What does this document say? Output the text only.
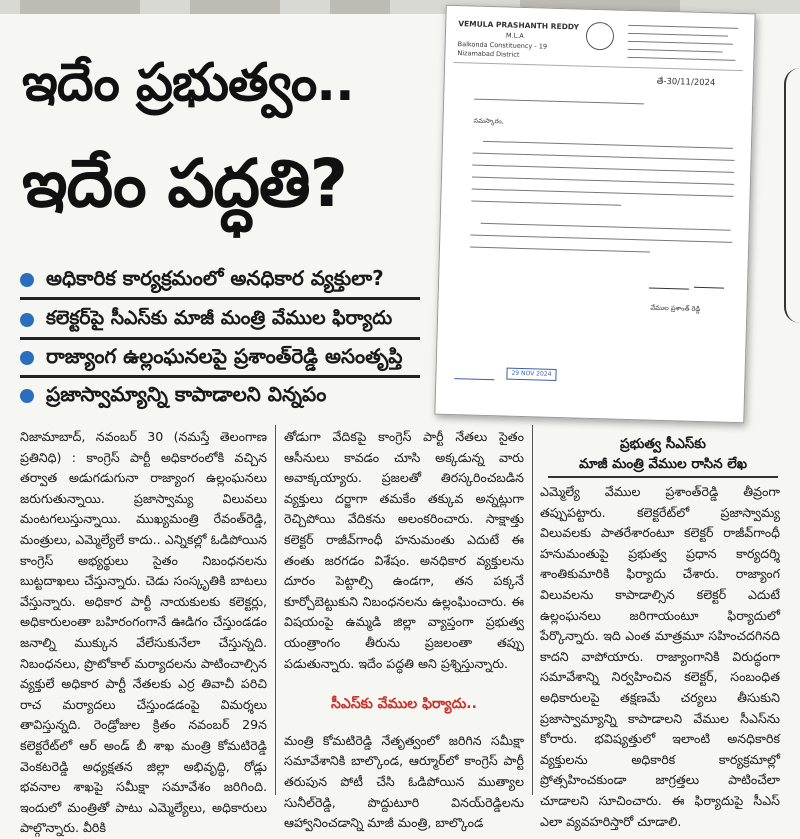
ఇదేం ప్రభుత్వం..
ఇదేం పద్ధతి?
అధికారిక కార్యక్రమంలో అనధికార వ్యక్తులా?
కలెక్టర్‌పై సీఎస్‌కు మాజీ మంత్రి వేముల ఫిర్యాదు
రాజ్యాంగ ఉల్లంఘనలపై ప్రశాంత్‌రెడ్డి అసంతృప్తి
ప్రజాస్వామ్యాన్ని కాపాడాలని విన్నపం
VEMULA PRASHANTH REDDY
M.L.A
Balkonda Constituency - 19
Nizamabad District
తే-30/11/2024
నమస్కారం,
వేముల ప్రశాంత్ రెడ్డి
29 NOV 2024
ప్రభుత్వ సీఎస్‌కు
మాజీ మంత్రి వేముల రాసిన లేఖ

నిజామాబాద్, నవంబర్ 30 (నమస్తే తెలంగాణ ప్రతినిధి) : కాంగ్రెస్ పార్టీ అధికారంలోకి వచ్చిన తర్వాత అడుగడుగునా రాజ్యాంగ ఉల్లంఘనలు జరుగుతున్నాయి. ప్రజాస్వామ్య విలువలు మంటగలుస్తున్నాయి. ముఖ్యమంత్రి రేవంత్‌రెడ్డి, మంత్రులు, ఎమ్మెల్యేలే కాదు.. ఎన్నికల్లో ఓడిపోయిన కాంగ్రెస్ అభ్యర్థులు సైతం నిబంధనలను బుట్టదాఖలు చేస్తున్నారు. చెడు సంస్కృతికి బాటలు వేస్తున్నారు. అధికార పార్టీ నాయకులకు కలెక్టర్లు, అధికారులంతా బహిరంగంగానే ఊడిగం చేస్తుండడం జనాల్ని ముక్కున వేలేసుకునేలా చేస్తున్నది. నిబంధనలు, ప్రొటోకాల్ మర్యాదలను పాటించాల్సిన వ్యక్తులే అధికార పార్టీ నేతలకు ఎర్ర తివాచీ పరిచి రాచ మర్యాదలు చేస్తుండడంపై విమర్శలు తావిస్తున్నది. రెండ్రోజుల క్రితం నవంబర్ 29న కలెక్టరేట్‌లో ఆర్ అండ్ బీ శాఖ మంత్రి కోమటిరెడ్డి వెంకటరెడ్డి అధ్యక్షతన జిల్లా అభివృద్ధి, రోడ్లు భవనాల శాఖపై సమీక్షా సమావేశం జరిగింది. ఇందులో మంత్రితో పాటు ఎమ్మెల్యేలు, అధికారులు పాల్గొన్నారు. వీరికి

తోడుగా వేదికపై కాంగ్రెస్ పార్టీ నేతలు సైతం ఆసీనులు కావడం చూసి అక్కడున్న వారు అవాక్కయ్యారు. ప్రజలతో తిరస్కరించబడిన వ్యక్తులు దర్జాగా తమకేం తక్కువ అన్నట్లుగా రెచ్చిపోయి వేదికను అలంకరించారు. సాక్షాత్తు కలెక్టర్ రాజీవ్‌గాంధీ హనుమంతు ఎదుటే ఈ తంతు జరగడం విశేషం. అనధికార వ్యక్తులను దూరం పెట్టాల్సి ఉండగా, తన పక్కనే కూర్చోబెట్టుకుని నిబంధనలను ఉల్లంఘించారు. ఈ విషయంపై ఉమ్మడి జిల్లా వ్యాప్తంగా ప్రభుత్వ యంత్రాంగం తీరును ప్రజలంతా తప్పు పడుతున్నారు. ఇదేం పద్ధతి అని ప్రశ్నిస్తున్నారు.

సీఎస్‌కు వేముల ఫిర్యాదు..

మంత్రి కోమటిరెడ్డి నేతృత్వంలో జరిగిన సమీక్షా సమావేశానికి బాల్కొండ, ఆర్మూర్‌లో కాంగ్రెస్ పార్టీ తరుపున పోటీ చేసి ఓడిపోయిన ముత్యాల సునీల్‌రెడ్డి, పొద్దుటూరి వినయ్‌రెడ్డిలను ఆహ్వానించడాన్ని మాజీ మంత్రి, బాల్కొండ

ఎమ్మెల్యే వేముల ప్రశాంత్‌రెడ్డి తీవ్రంగా తప్పుపట్టారు. కలెక్టరేట్‌లో ప్రజాస్వామ్య విలువలకు పాతరేశారంటూ కలెక్టర్ రాజీవ్‌గాంధీ హనుమంతుపై ప్రభుత్వ ప్రధాన కార్యదర్శి శాంతికుమారికి ఫిర్యాదు చేశారు. రాజ్యాంగ విలువలను కాపాడాల్సిన కలెక్టర్ ఎదుటే ఉల్లంఘనలు జరిగాయంటూ ఫిర్యాదులో పేర్కొన్నారు. ఇది ఎంత మాత్రమూ సహించదగినది కాదని వాపోయారు. రాజ్యాంగానికి విరుద్ధంగా సమావేశాన్ని నిర్వహించిన కలెక్టర్, సంబంధిత అధికారులపై తక్షణమే చర్యలు తీసుకుని ప్రజాస్వామ్యాన్ని కాపాడాలని వేముల సీఎస్‌ను కోరారు. భవిష్యత్తులో ఇలాంటి అనధికారిక వ్యక్తులను అధికారిక కార్యక్రమాల్లో ప్రోత్సహించకుండా జాగ్రత్తలు పాటించేలా చూడాలని సూచించారు. ఈ ఫిర్యాదుపై సీఎస్ ఎలా వ్యవహరిస్తారో చూడాలి.
